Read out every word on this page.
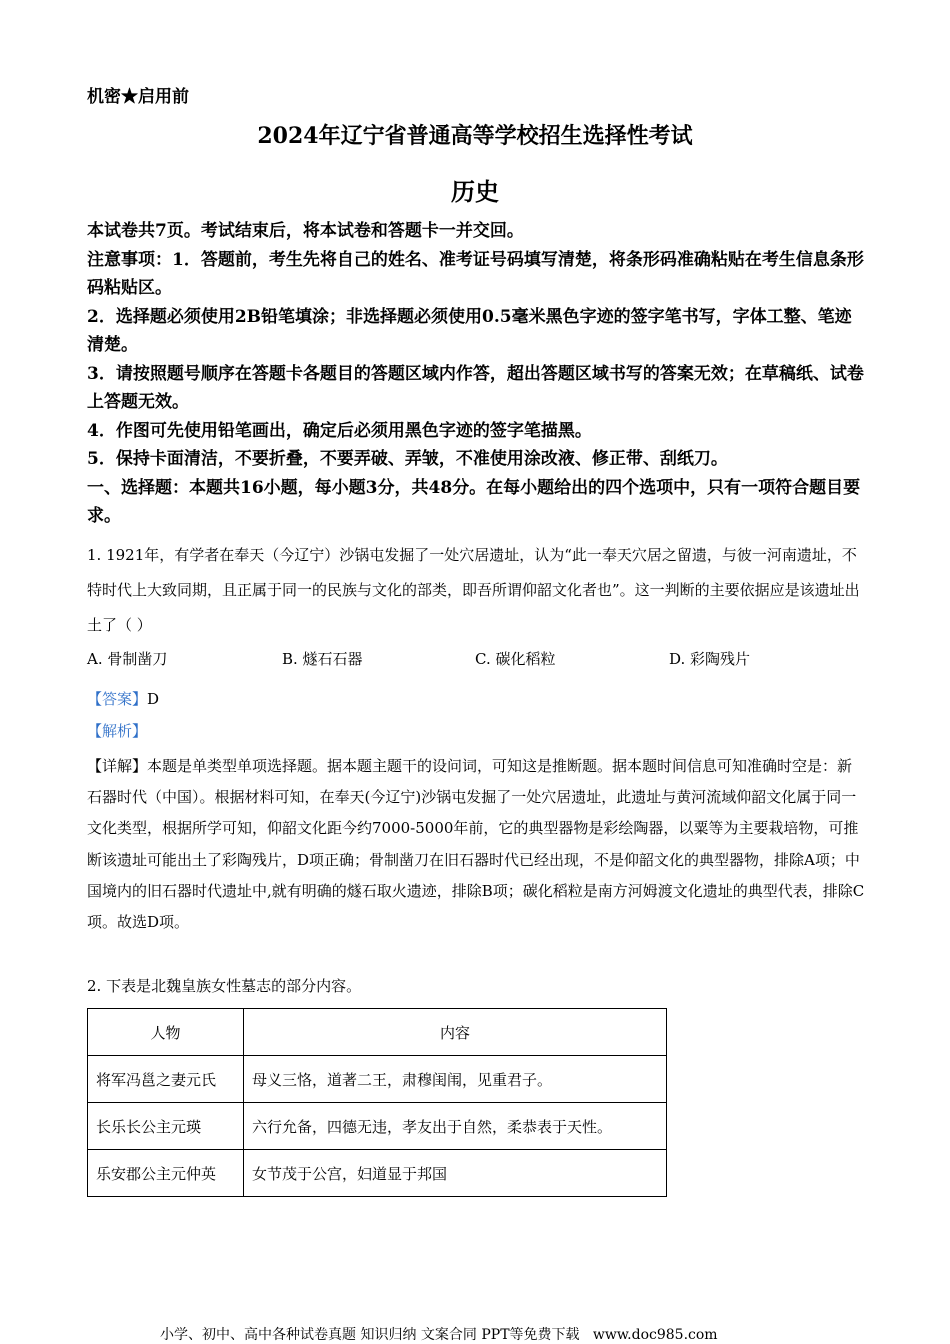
机密★启用前
2024年辽宁省普通高等学校招生选择性考试
历史

本试卷共7页。考试结束后，将本试卷和答题卡一并交回。

注意事项：1．答题前，考生先将自己的姓名、准考证号码填写清楚，将条形码准确粘贴在考生信息条形码粘贴区。

2．选择题必须使用2B铅笔填涂；非选择题必须使用0.5毫米黑色字迹的签字笔书写，字体工整、笔迹清楚。

3．请按照题号顺序在答题卡各题目的答题区域内作答，超出答题区域书写的答案无效；在草稿纸、试卷上答题无效。

4．作图可先使用铅笔画出，确定后必须用黑色字迹的签字笔描黑。

5．保持卡面清洁，不要折叠，不要弄破、弄皱，不准使用涂改液、修正带、刮纸刀。

一、选择题：本题共16小题，每小题3分，共48分。在每小题给出的四个选项中，只有一项符合题目要求。

1. 1921年，有学者在奉天（今辽宁）沙锅屯发掘了一处穴居遗址，认为“此一奉天穴居之留遗，与彼一河南遗址，不特时代上大致同期，且正属于同一的民族与文化的部类，即吾所谓仰韶文化者也”。这一判断的主要依据应是该遗址出土了（ ）

A. 骨制凿刀	B. 燧石石器	C. 碳化稻粒	D. 彩陶残片
【答案】D
【解析】

【详解】本题是单类型单项选择题。据本题主题干的设问词，可知这是推断题。据本题时间信息可知准确时空是：新石器时代（中国）。根据材料可知，在奉天(今辽宁)沙锅屯发掘了一处穴居遗址，此遗址与黄河流域仰韶文化属于同一文化类型，根据所学可知，仰韶文化距今约7000-5000年前，它的典型器物是彩绘陶器，以粟等为主要栽培物，可推断该遗址可能出土了彩陶残片，D项正确；骨制凿刀在旧石器时代已经出现，不是仰韶文化的典型器物，排除A项；中国境内的旧石器时代遗址中,就有明确的燧石取火遗迹，排除B项；碳化稻粒是南方河姆渡文化遗址的典型代表，排除C项。故选D项。

2. 下表是北魏皇族女性墓志的部分内容。
人物	内容
将军冯邕之妻元氏	母义三恪，道著二王，肃穆闺闱，见重君子。
长乐长公主元瑛	六行允备，四德无违，孝友出于自然，柔恭表于天性。
乐安郡公主元仲英	女节茂于公宫，妇道显于邦国
小学、初中、高中各种试卷真题 知识归纳 文案合同 PPT等免费下载 www.doc985.com
